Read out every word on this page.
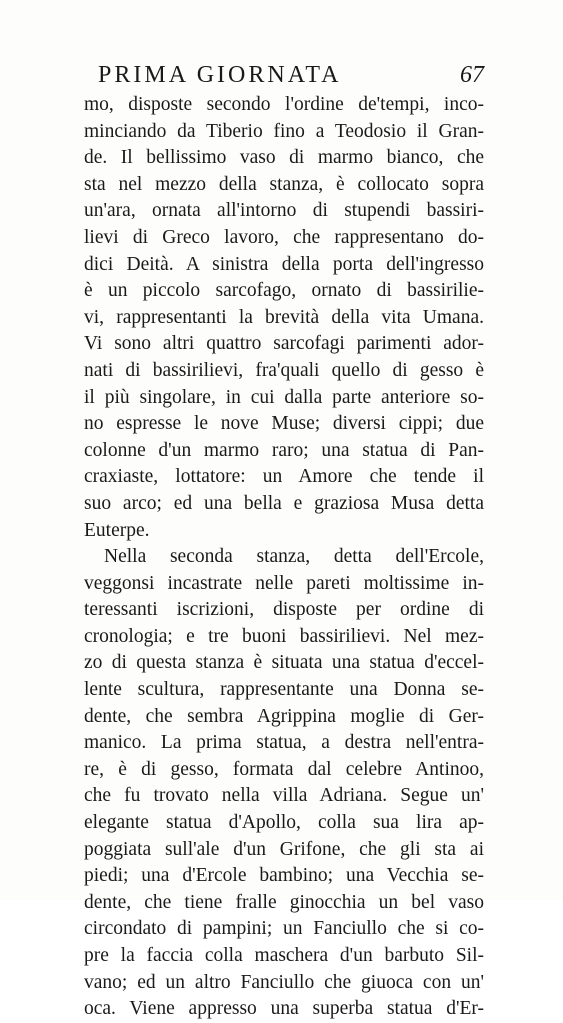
PRIMA GIORNATA	67
mo, disposte secondo l'ordine de'tempi, inco-
minciando da Tiberio fino a Teodosio il Gran-
de. Il bellissimo vaso di marmo bianco, che
sta nel mezzo della stanza, è collocato sopra
un'ara, ornata all'intorno di stupendi bassiri-
lievi di Greco lavoro, che rappresentano do-
dici Deità. A sinistra della porta dell'ingresso
è un piccolo sarcofago, ornato di bassirilie-
vi, rappresentanti la brevità della vita Umana.
Vi sono altri quattro sarcofagi parimenti ador-
nati di bassirilievi, fra'quali quello di gesso è
il più singolare, in cui dalla parte anteriore so-
no espresse le nove Muse; diversi cippi; due
colonne d'un marmo raro; una statua di Pan-
craxiaste, lottatore: un Amore che tende il
suo arco; ed una bella e graziosa Musa detta
Euterpe.
Nella seconda stanza, detta dell'Ercole,
veggonsi incastrate nelle pareti moltissime in-
teressanti iscrizioni, disposte per ordine di
cronologia; e tre buoni bassirilievi. Nel mez-
zo di questa stanza è situata una statua d'eccel-
lente scultura, rappresentante una Donna se-
dente, che sembra Agrippina moglie di Ger-
manico. La prima statua, a destra nell'entra-
re, è di gesso, formata dal celebre Antinoo,
che fu trovato nella villa Adriana. Segue un'
elegante statua d'Apollo, colla sua lira ap-
poggiata sull'ale d'un Grifone, che gli sta ai
piedi; una d'Ercole bambino; una Vecchia se-
dente, che tiene fralle ginocchia un bel vaso
circondato di pampini; un Fanciullo che si co-
pre la faccia colla maschera d'un barbuto Sil-
vano; ed un altro Fanciullo che giuoca con un'
oca. Viene appresso una superba statua d'Er-
